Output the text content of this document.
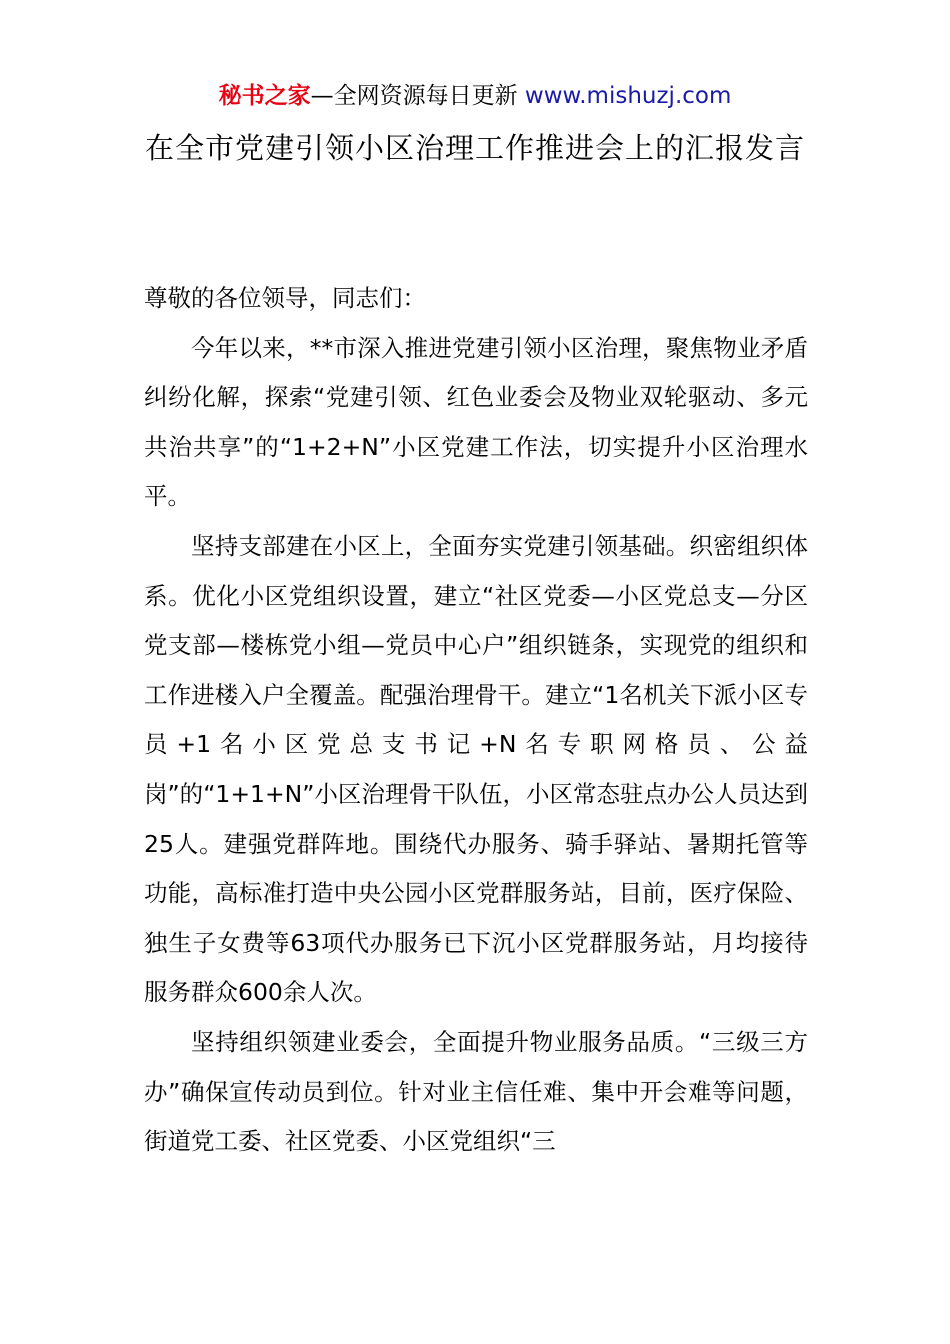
秘书之家—全网资源每日更新 www.mishuzj.com
在全市党建引领小区治理工作推进会上的汇报发言

尊敬的各位领导，同志们：

今年以来，**市深入推进党建引领小区治理，聚焦物业矛盾纠纷化解，探索“党建引领、红色业委会及物业双轮驱动、多元共治共享”的“1+2+N”小区党建工作法，切实提升小区治理水平。

坚持支部建在小区上，全面夯实党建引领基础。织密组织体系。优化小区党组织设置，建立“社区党委—小区党总支—分区党支部—楼栋党小组—党员中心户”组织链条，实现党的组织和工作进楼入户全覆盖。配强治理骨干。建立“1名机关下派小区专员+1名小区党总支书记+N名专职网格员、公益岗”的“1+1+N”小区治理骨干队伍，小区常态驻点办公人员达到25人。建强党群阵地。围绕代办服务、骑手驿站、暑期托管等功能，高标准打造中央公园小区党群服务站，目前，医疗保险、独生子女费等63项代办服务已下沉小区党群服务站，月均接待服务群众600余人次。

坚持组织领建业委会，全面提升物业服务品质。“三级三方办”确保宣传动员到位。针对业主信任难、集中开会难等问题，街道党工委、社区党委、小区党组织“三
